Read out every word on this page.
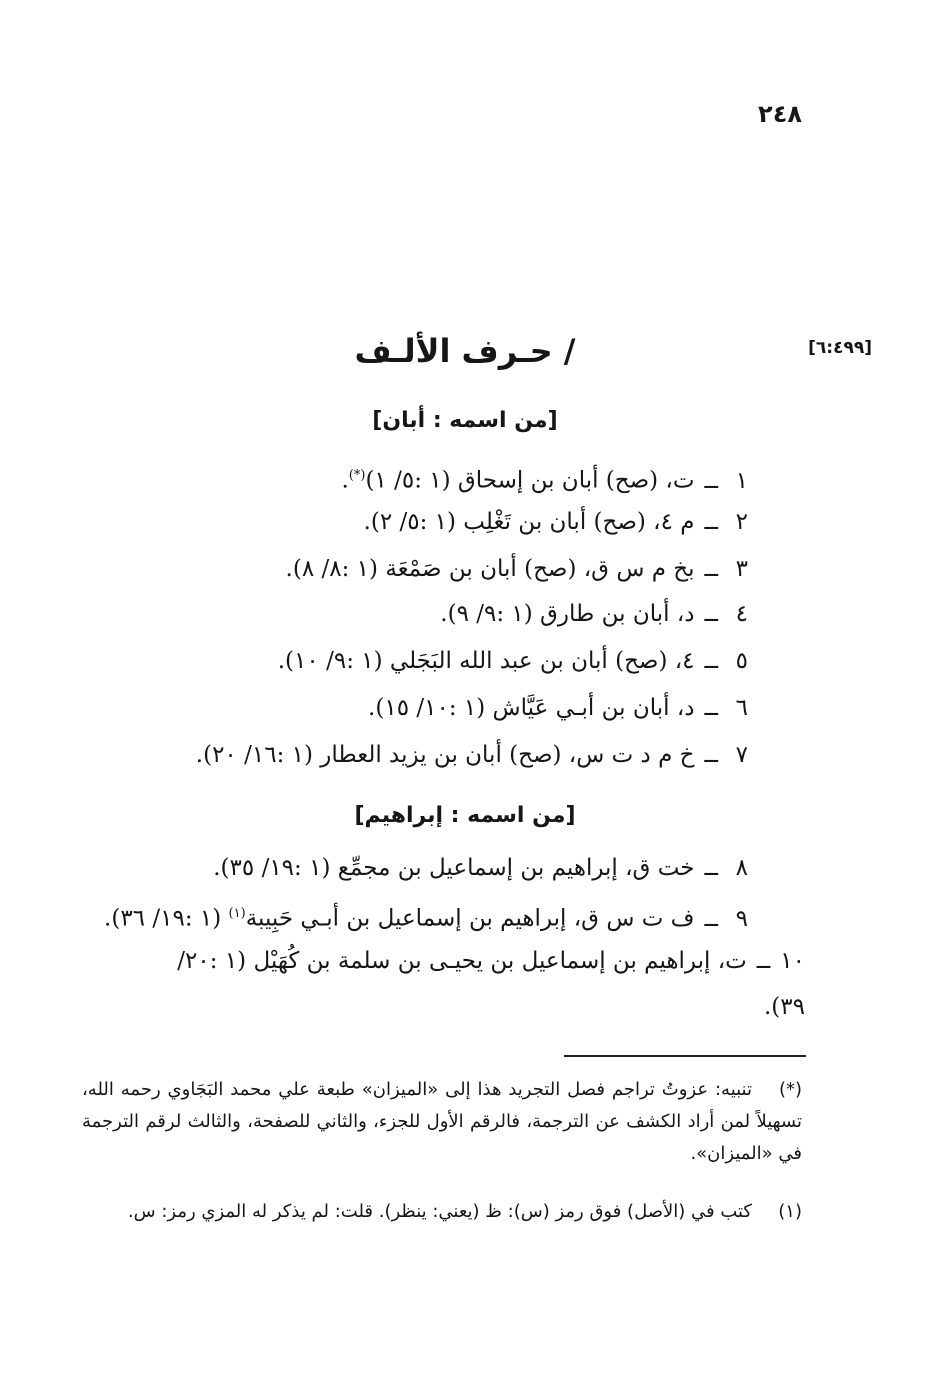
٢٤٨
[٦:٤٩٩]
/ حـرف الألـف
[من اسمه : أبان]
١ــت، (صح) أبان بن إسحاق (١ :٥/ ١)(*).
٢ــم ٤، (صح) أبان بن تَغْلِب (١ :٥/ ٢).
٣ــبخ م س ق، (صح) أبان بن صَمْعَة (١ :٨/ ٨).
٤ــد، أبان بن طارق (١ :٩/ ٩).
٥ــ٤، (صح) أبان بن عبد الله البَجَلي (١ :٩/ ١٠).
٦ــد، أبان بن أبـي عَيَّاش (١ :١٠/ ١٥).
٧ــخ م د ت س، (صح) أبان بن يزيد العطار (١ :١٦/ ٢٠).
[من اسمه : إبراهيم]
٨ــخت ق، إبراهيم بن إسماعيل بن مجمِّع (١ :١٩/ ٣٥).
٩ــف ت س ق، إبراهيم بن إسماعيل بن أبـي حَبِيبة$^{(١)}$ (١ :١٩/ ٣٦).
١٠ــت، إبراهيم بن إسماعيل بن يحيـى بن سلمة بن كُهَيْل (١ :٢٠/
٣٩).
(*)تنبيه: عزوتُ تراجم فصل التجريد هذا إلى «الميزان» طبعة علي محمد البَجَاوي رحمه الله، تسهيلاً لمن أراد الكشف عن الترجمة، فالرقم الأول للجزء، والثاني للصفحة، والثالث لرقم الترجمة في «الميزان».
(١)كتب في (الأصل) فوق رمز (س): ظ (يعني: ينظر). قلت: لم يذكر له المزي رمز: س.
